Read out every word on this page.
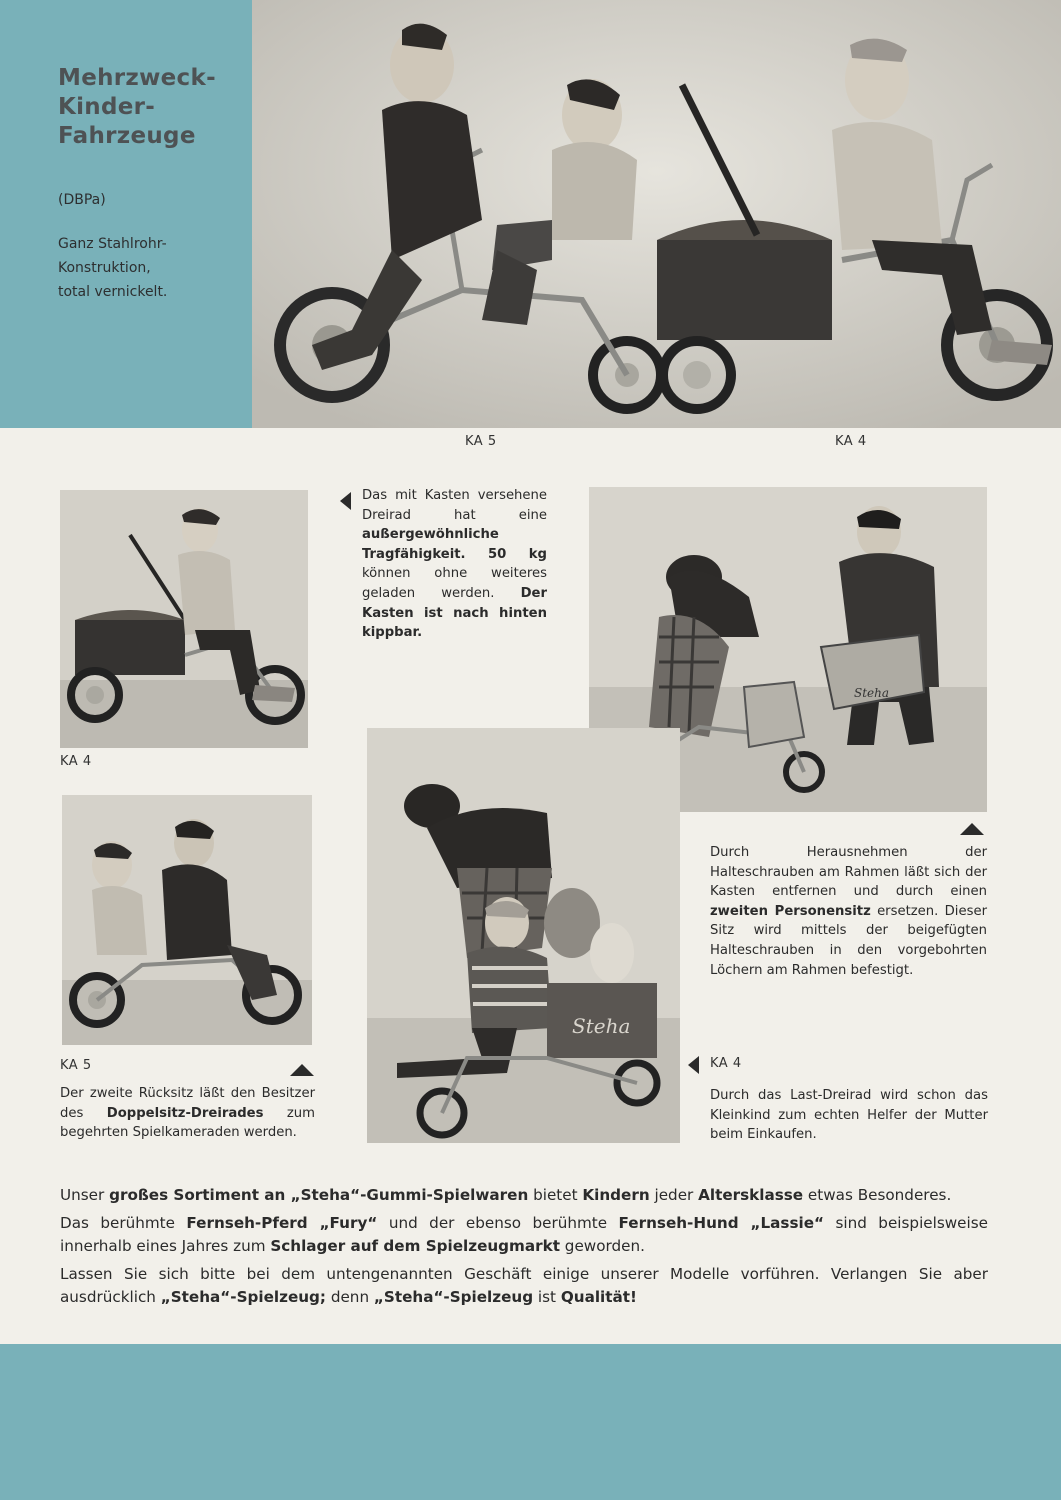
Mehrzweck-
Kinder-
Fahrzeuge
(DBPa)
Ganz Stahlrohr-
Konstruktion,
total vernickelt.
KA 5	KA 4
KA 4
Das mit Kasten versehene Dreirad hat eine außergewöhnliche Tragfähigkeit. 50 kg können ohne weiteres geladen werden. Der Kasten ist nach hinten kippbar.
Steha
Durch Herausnehmen der Halteschrauben am Rahmen läßt sich der Kasten entfernen und durch einen zweiten Personensitz ersetzen. Dieser Sitz wird mittels der beigefügten Halteschrauben in den vorgebohrten Löchern am Rahmen befestigt.
KA 5
Der zweite Rücksitz läßt den Besitzer des Doppelsitz-Dreirades zum begehrten Spielkameraden werden.
Steha
KA 4
Durch das Last-Dreirad wird schon das Kleinkind zum echten Helfer der Mutter beim Einkaufen.

Unser großes Sortiment an „Steha“-Gummi-Spielwaren bietet Kindern jeder Altersklasse etwas Besonderes.

Das berühmte Fernseh-Pferd „Fury“ und der ebenso berühmte Fernseh-Hund „Lassie“ sind beispielsweise innerhalb eines Jahres zum Schlager auf dem Spielzeugmarkt geworden.

Lassen Sie sich bitte bei dem untengenannten Geschäft einige unserer Modelle vorführen. Verlangen Sie aber ausdrücklich „Steha“-Spielzeug; denn „Steha“-Spielzeug ist Qualität!
